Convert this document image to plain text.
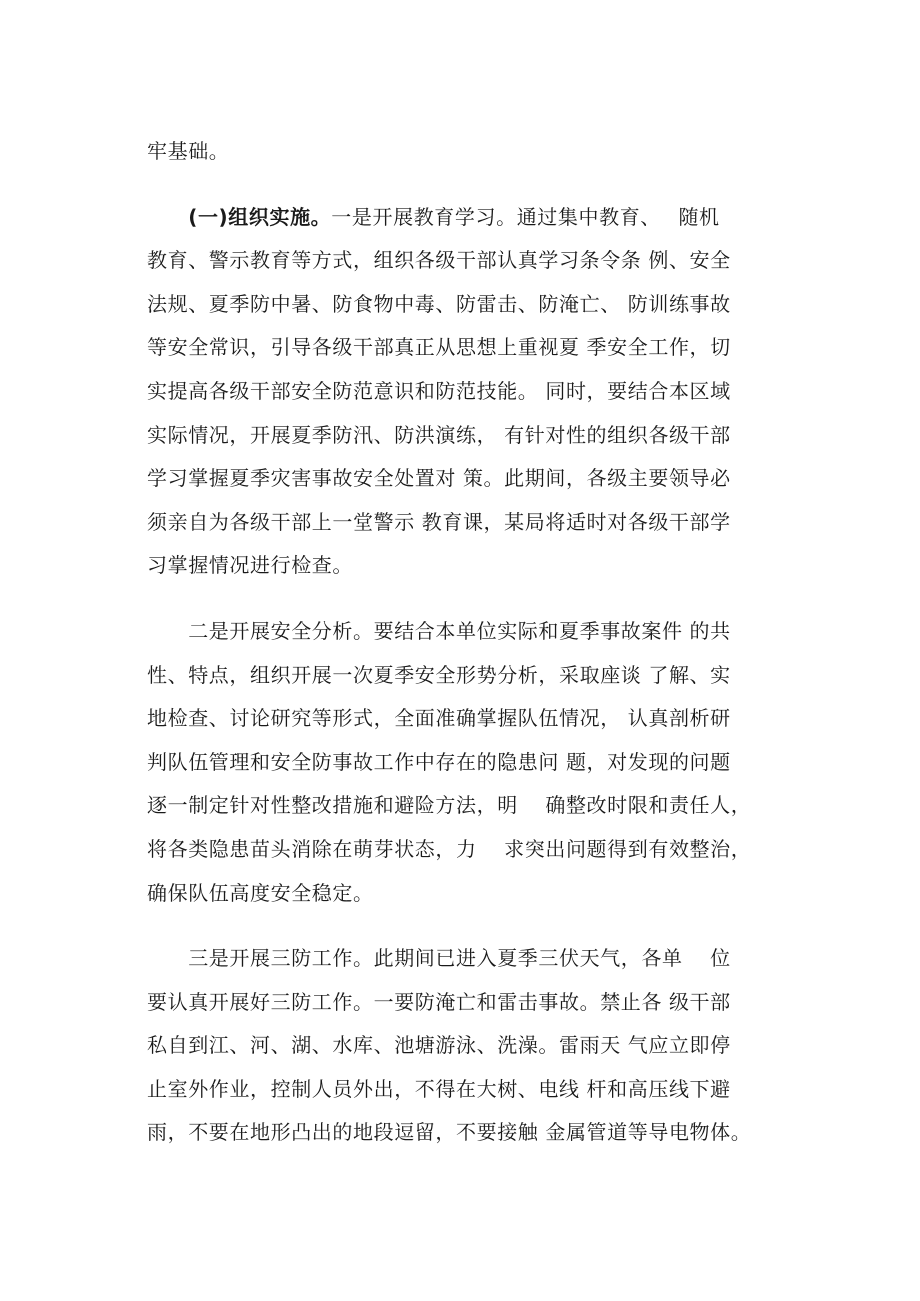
牢基础。
　　(一)组织实施。一是开展教育学习。通过集中教育、　 随机
教育、警示教育等方式，组织各级干部认真学习条令条 例、安全
法规、夏季防中暑、防食物中毒、防雷击、防淹亡、 防训练事故
等安全常识，引导各级干部真正从思想上重视夏 季安全工作，切
实提高各级干部安全防范意识和防范技能。 同时，要结合本区域
实际情况，开展夏季防汛、防洪演练， 有针对性的组织各级干部
学习掌握夏季灾害事故安全处置对 策。此期间，各级主要领导必
须亲自为各级干部上一堂警示 教育课，某局将适时对各级干部学
习掌握情况进行检查。
　　二是开展安全分析。要结合本单位实际和夏季事故案件 的共
性、特点，组织开展一次夏季安全形势分析，采取座谈 了解、实
地检查、讨论研究等形式，全面准确掌握队伍情况， 认真剖析研
判队伍管理和安全防事故工作中存在的隐患问 题，对发现的问题
逐一制定针对性整改措施和避险方法，明　 确整改时限和责任人，
将各类隐患苗头消除在萌芽状态，力　 求突出问题得到有效整治，
确保队伍高度安全稳定。
　　三是开展三防工作。此期间已进入夏季三伏天气，各单　 位
要认真开展好三防工作。一要防淹亡和雷击事故。禁止各 级干部
私自到江、河、湖、水库、池塘游泳、洗澡。雷雨天 气应立即停
止室外作业，控制人员外出，不得在大树、电线 杆和高压线下避
雨，不要在地形凸出的地段逗留，不要接触 金属管道等导电物体。
